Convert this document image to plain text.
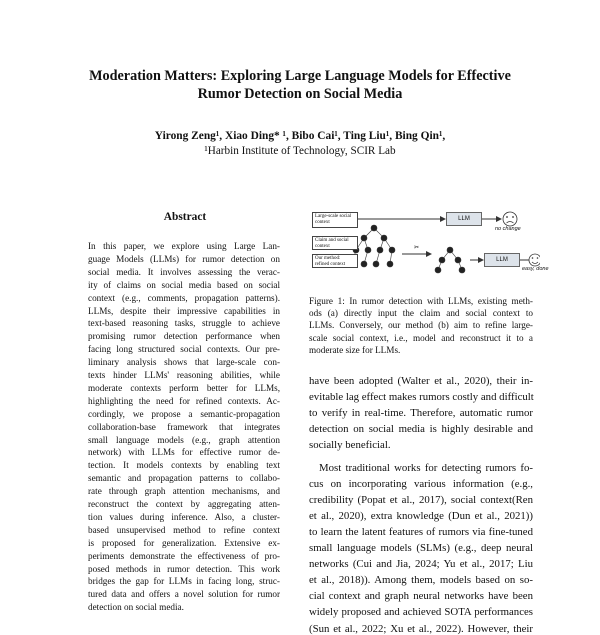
Moderation Matters: Exploring Large Language Models for Effective
Rumor Detection on Social Media
Yirong Zeng¹, Xiao Ding* ¹, Bibo Cai¹, Ting Liu¹, Bing Qin¹,
¹Harbin Institute of Technology, SCIR Lab
Abstract
In this paper, we explore using Large Lan-
guage Models (LLMs) for rumor detection on
social media. It involves assessing the verac-
ity of claims on social media based on social
context (e.g., comments, propagation patterns).
LLMs, despite their impressive capabilities in
text-based reasoning tasks, struggle to achieve
promising rumor detection performance when
facing long structured social contexts. Our pre-
liminary analysis shows that large-scale con-
texts hinder LLMs' reasoning abilities, while
moderate contexts perform better for LLMs,
highlighting the need for refined contexts. Ac-
cordingly, we propose a semantic-propagation
collaboration-base framework that integrates
small language models (e.g., graph attention
network) with LLMs for effective rumor de-
tection. It models contexts by enabling text
semantic and propagation patterns to collabo-
rate through graph attention mechanisms, and
reconstruct the context by aggregating atten-
tion values during inference. Also, a cluster-
based unsupervised method to refine context
is proposed for generalization. Extensive ex-
periments demonstrate the effectiveness of pro-
posed methods in rumor detection. This work
bridges the gap for LLMs in facing long, struc-
tured data and offers a novel solution for rumor
detection on social media.
✂
Large-scale social context
Claim and social context
Our method: refined context
LLM
LLM
no change
easy, done
Figure 1: In rumor detection with LLMs, existing meth-
ods (a) directly input the claim and social context to
LLMs. Conversely, our method (b) aim to refine large-
scale social context, i.e., model and reconstruct it to a
moderate size for LLMs.
have been adopted (Walter et al., 2020), their in-
evitable lag effect makes rumors costly and difficult
to verify in real-time. Therefore, automatic rumor
detection on social media is highly desirable and
socially beneficial.
Most traditional works for detecting rumors fo-
cus on incorporating various information (e.g.,
credibility (Popat et al., 2017), social context(Ren
et al., 2020), extra knowledge (Dun et al., 2021))
to learn the latent features of rumors via fine-tuned
small language models (SLMs) (e.g., deep neural
networks (Cui and Jia, 2024; Yu et al., 2017; Liu
et al., 2018)). Among them, models based on so-
cial context and graph neural networks have been
widely proposed and achieved SOTA performances
(Sun et al., 2022; Xu et al., 2022). However, their
